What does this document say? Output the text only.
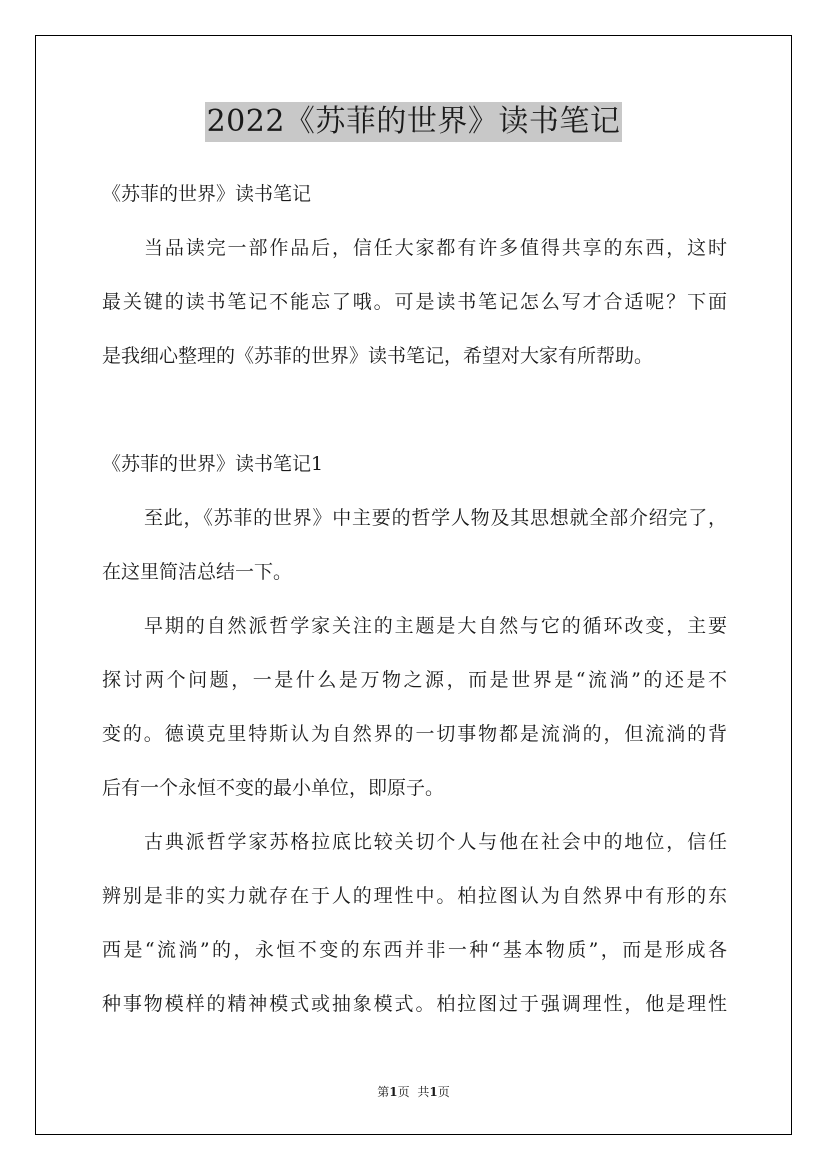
2022《苏菲的世界》读书笔记
《苏菲的世界》读书笔记
当品读完一部作品后，信任大家都有许多值得共享的东西，这时
最关键的读书笔记不能忘了哦。可是读书笔记怎么写才合适呢？下面
是我细心整理的《苏菲的世界》读书笔记，希望对大家有所帮助。
《苏菲的世界》读书笔记1
至此，《苏菲的世界》中主要的哲学人物及其思想就全部介绍完了，
在这里简洁总结一下。
早期的自然派哲学家关注的主题是大自然与它的循环改变，主要
探讨两个问题，一是什么是万物之源，而是世界是“流淌”的还是不
变的。德谟克里特斯认为自然界的一切事物都是流淌的，但流淌的背
后有一个永恒不变的最小单位，即原子。
古典派哲学家苏格拉底比较关切个人与他在社会中的地位，信任
辨别是非的实力就存在于人的理性中。柏拉图认为自然界中有形的东
西是“流淌”的，永恒不变的东西并非一种“基本物质”，而是形成各
种事物模样的精神模式或抽象模式。柏拉图过于强调理性，他是理性
第1页 共1页
